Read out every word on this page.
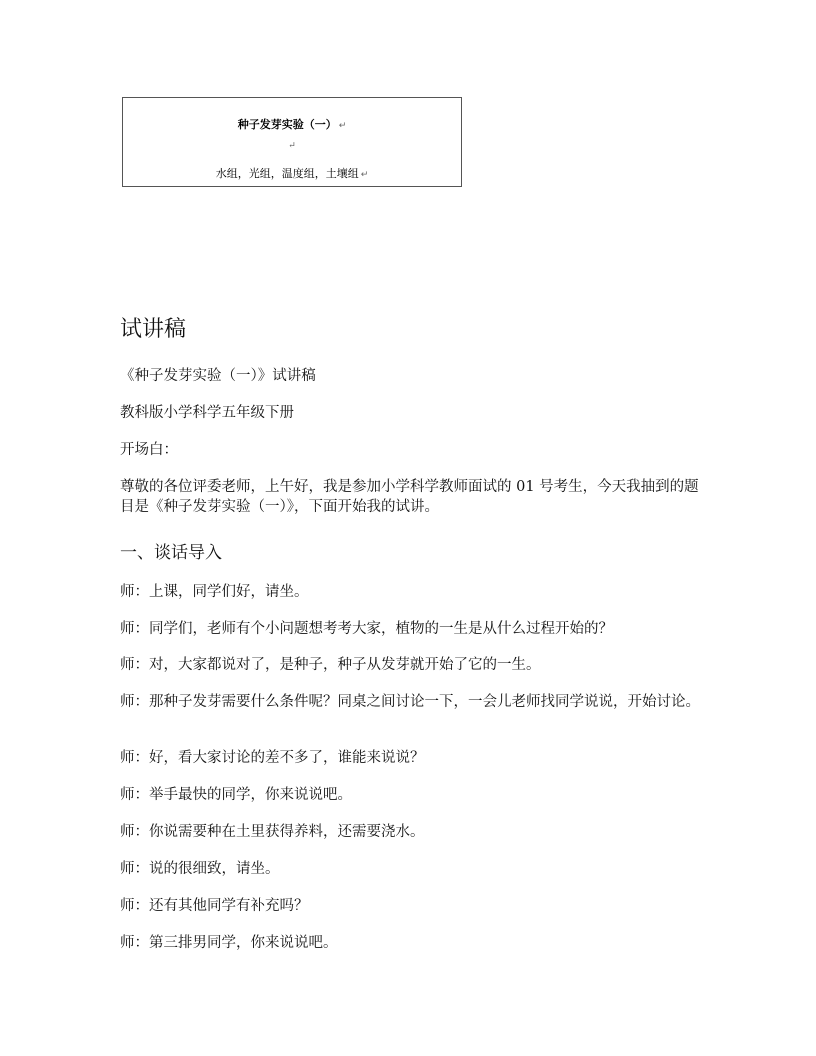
种子发芽实验（一） ↵
↵
水组，光组，温度组，土壤组 ↵
试讲稿

《种子发芽实验（一）》试讲稿

教科版小学科学五年级下册

开场白：

尊敬的各位评委老师，上午好，我是参加小学科学教师面试的 01 号考生，今天我抽到的题目是《种子发芽实验（一）》，下面开始我的试讲。

一、谈话导入

师：上课，同学们好，请坐。

师：同学们，老师有个小问题想考考大家，植物的一生是从什么过程开始的？

师：对，大家都说对了，是种子，种子从发芽就开始了它的一生。

师：那种子发芽需要什么条件呢？同桌之间讨论一下，一会儿老师找同学说说，开始讨论。

师：好，看大家讨论的差不多了，谁能来说说？

师：举手最快的同学，你来说说吧。

师：你说需要种在土里获得养料，还需要浇水。

师：说的很细致，请坐。

师：还有其他同学有补充吗？

师：第三排男同学，你来说说吧。
